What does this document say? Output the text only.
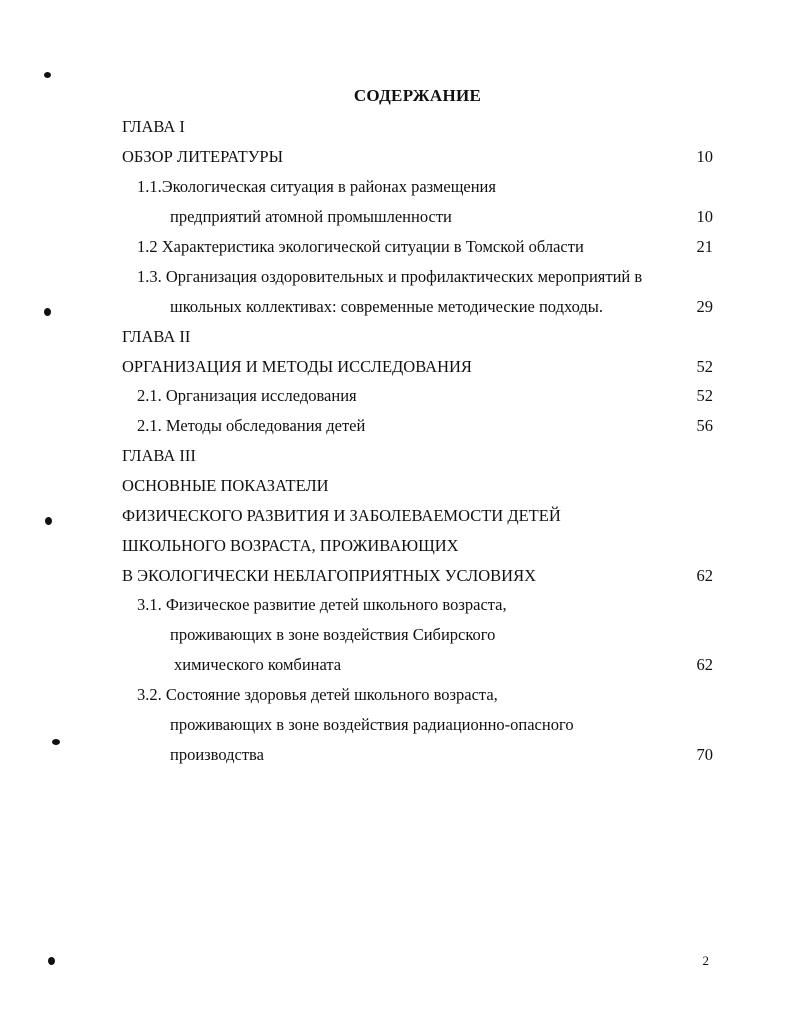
СОДЕРЖАНИЕ
ГЛАВА I
ОБЗОР ЛИТЕРАТУРЫ	10
1.1.Экологическая ситуация в районах размещения
предприятий атомной промышленности	10
1.2 Характеристика экологической ситуации в Томской области	21
1.3. Организация оздоровительных и профилактических мероприятий в
школьных коллективах: современные методические подходы.	29
ГЛАВА II
ОРГАНИЗАЦИЯ И МЕТОДЫ ИССЛЕДОВАНИЯ	52
2.1. Организация исследования	52
2.1. Методы обследования детей	56
ГЛАВА III
ОСНОВНЫЕ ПОКАЗАТЕЛИ
ФИЗИЧЕСКОГО РАЗВИТИЯ И ЗАБОЛЕВАЕМОСТИ ДЕТЕЙ
ШКОЛЬНОГО ВОЗРАСТА, ПРОЖИВАЮЩИХ
В ЭКОЛОГИЧЕСКИ НЕБЛАГОПРИЯТНЫХ УСЛОВИЯХ	62
3.1. Физическое развитие детей школьного возраста,
проживающих в зоне воздействия Сибирского
химического комбината	62
3.2. Состояние здоровья детей школьного возраста,
проживающих в зоне воздействия радиационно-опасного
производства	70
2
